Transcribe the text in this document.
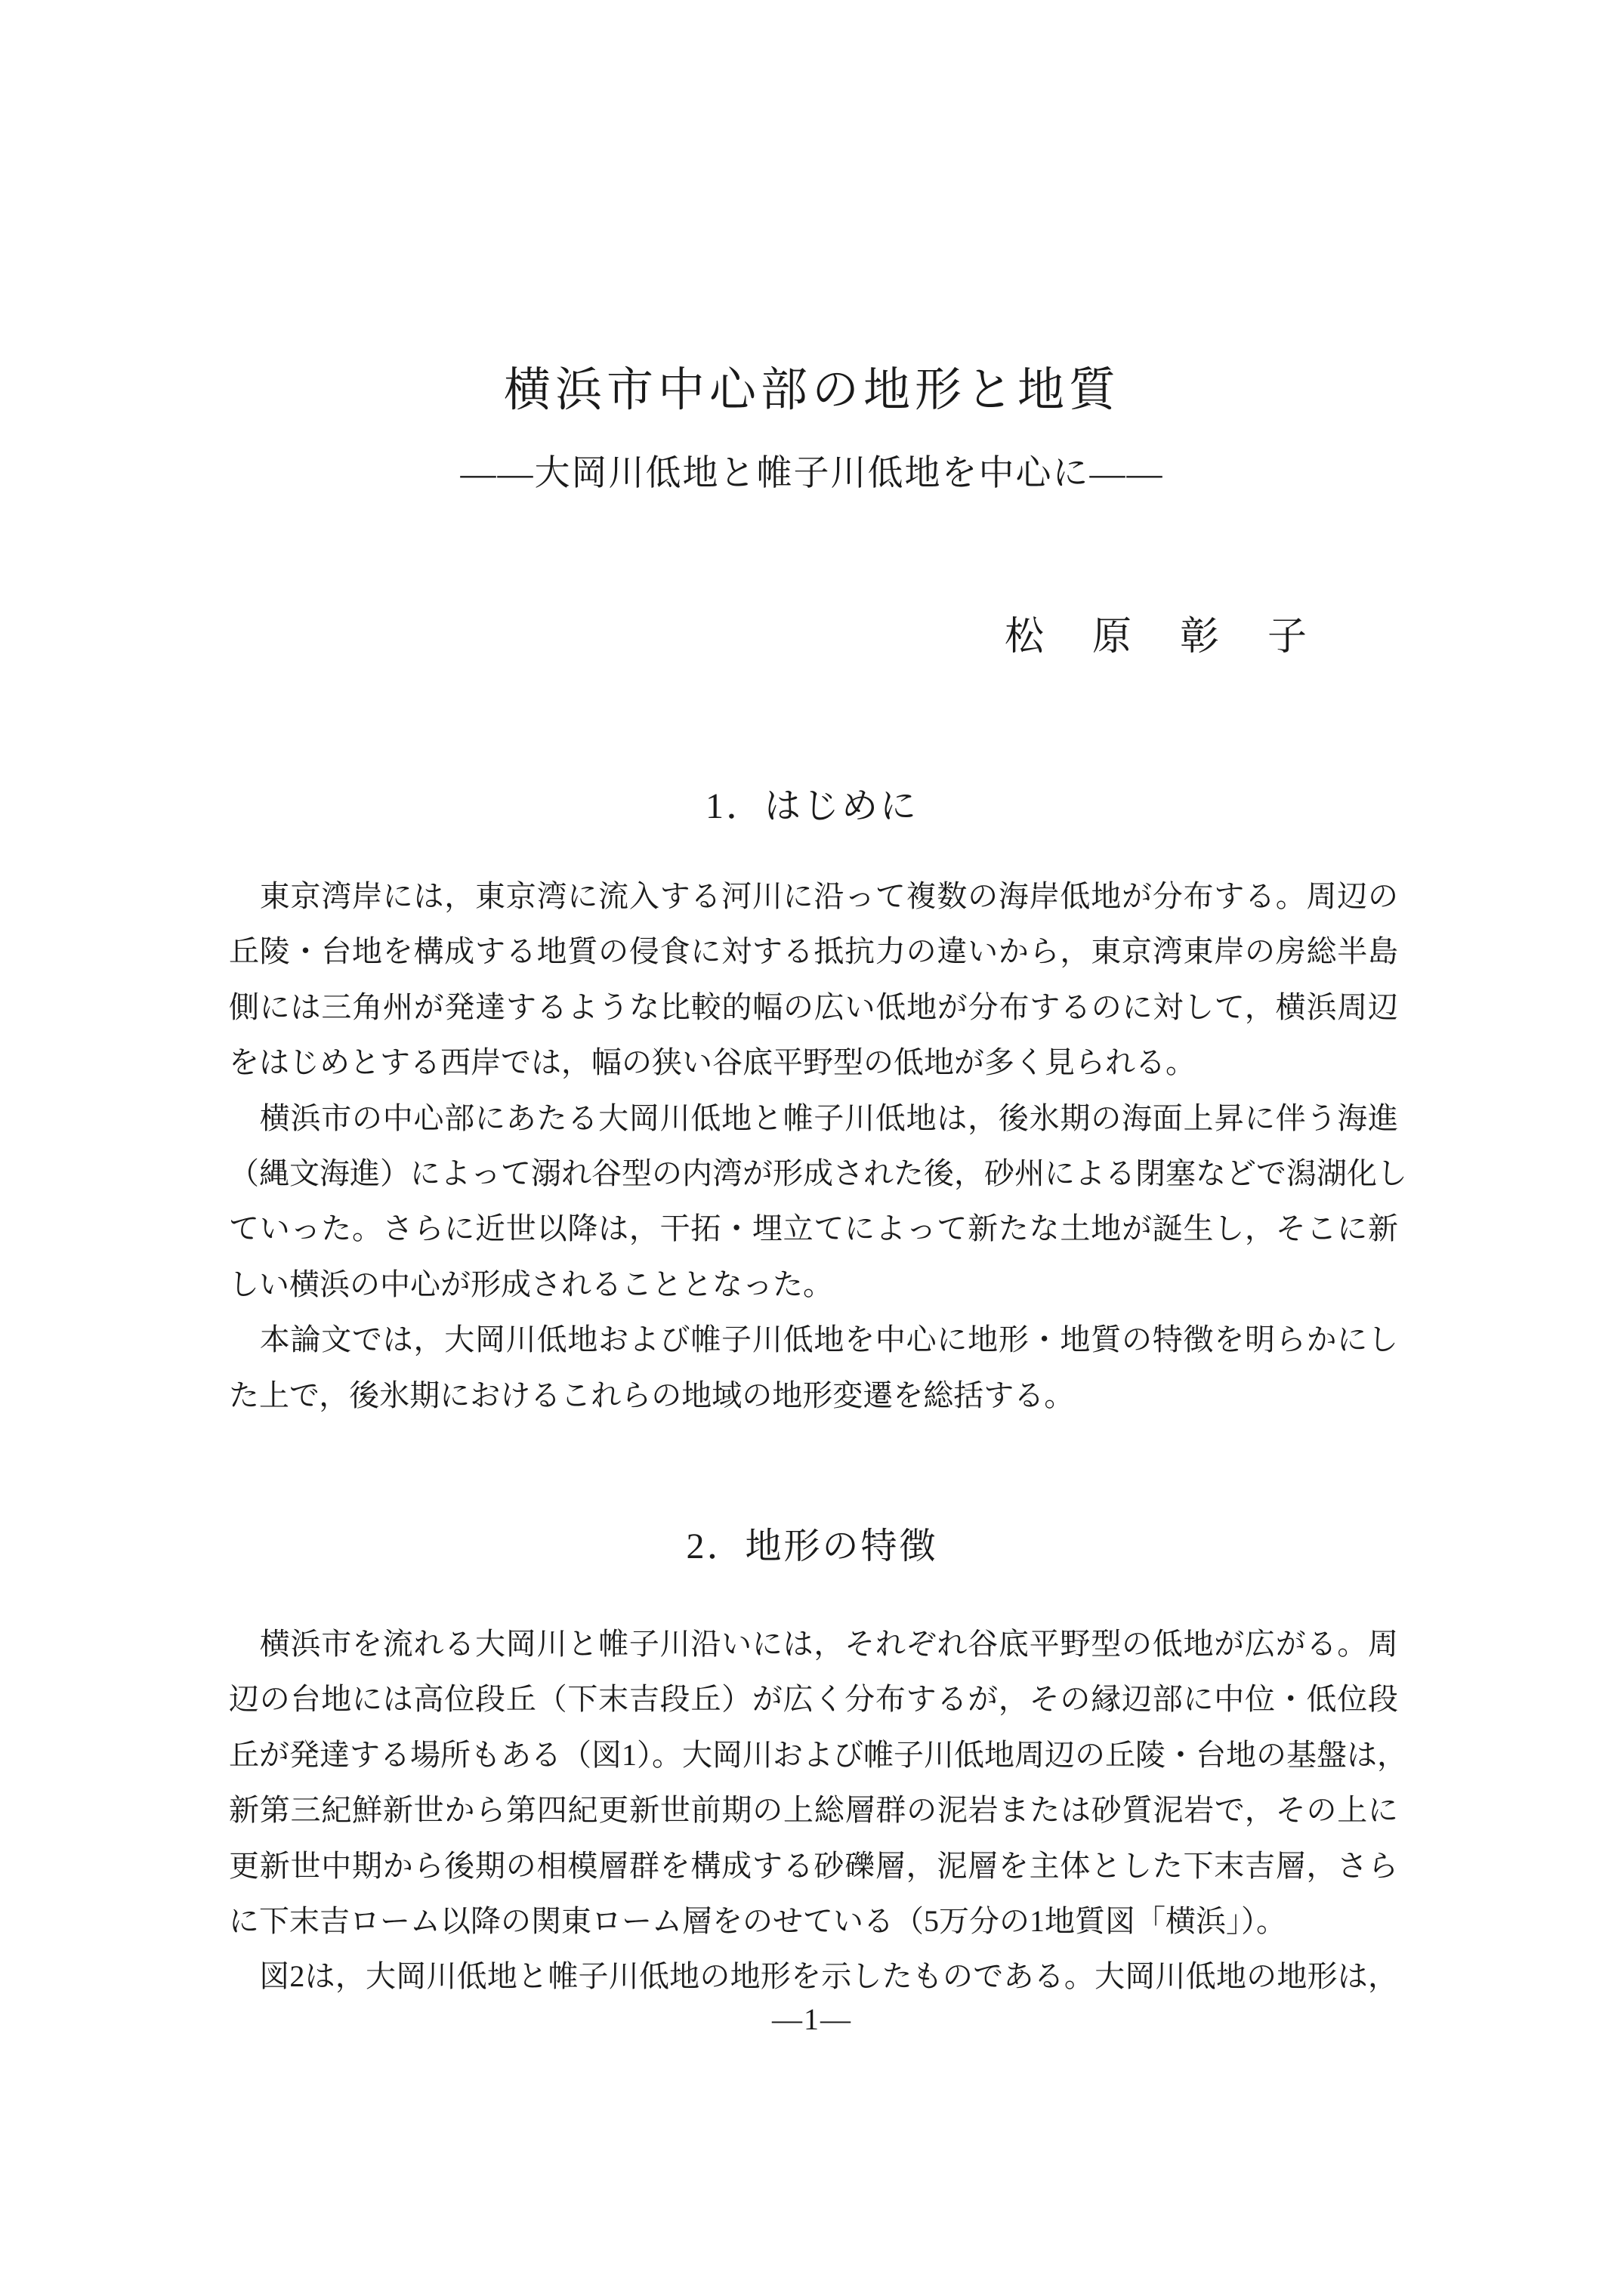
横浜市中心部の地形と地質
――大岡川低地と帷子川低地を中心に――
松　原　彰　子
1．はじめに
　東京湾岸には，東京湾に流入する河川に沿って複数の海岸低地が分布する。周辺の
丘陵・台地を構成する地質の侵食に対する抵抗力の違いから，東京湾東岸の房総半島
側には三角州が発達するような比較的幅の広い低地が分布するのに対して，横浜周辺
をはじめとする西岸では，幅の狭い谷底平野型の低地が多く見られる。
　横浜市の中心部にあたる大岡川低地と帷子川低地は，後氷期の海面上昇に伴う海進
（縄文海進）によって溺れ谷型の内湾が形成された後，砂州による閉塞などで潟湖化し
ていった。さらに近世以降は，干拓・埋立てによって新たな土地が誕生し，そこに新
しい横浜の中心が形成されることとなった。
　本論文では，大岡川低地および帷子川低地を中心に地形・地質の特徴を明らかにし
た上で，後氷期におけるこれらの地域の地形変遷を総括する。
2．地形の特徴
　横浜市を流れる大岡川と帷子川沿いには，それぞれ谷底平野型の低地が広がる。周
辺の台地には高位段丘（下末吉段丘）が広く分布するが，その縁辺部に中位・低位段
丘が発達する場所もある（図1）。大岡川および帷子川低地周辺の丘陵・台地の基盤は，
新第三紀鮮新世から第四紀更新世前期の上総層群の泥岩または砂質泥岩で，その上に
更新世中期から後期の相模層群を構成する砂礫層，泥層を主体とした下末吉層，さら
に下末吉ローム以降の関東ローム層をのせている（5万分の1地質図「横浜」）。
　図2は，大岡川低地と帷子川低地の地形を示したものである。大岡川低地の地形は，
―1―
